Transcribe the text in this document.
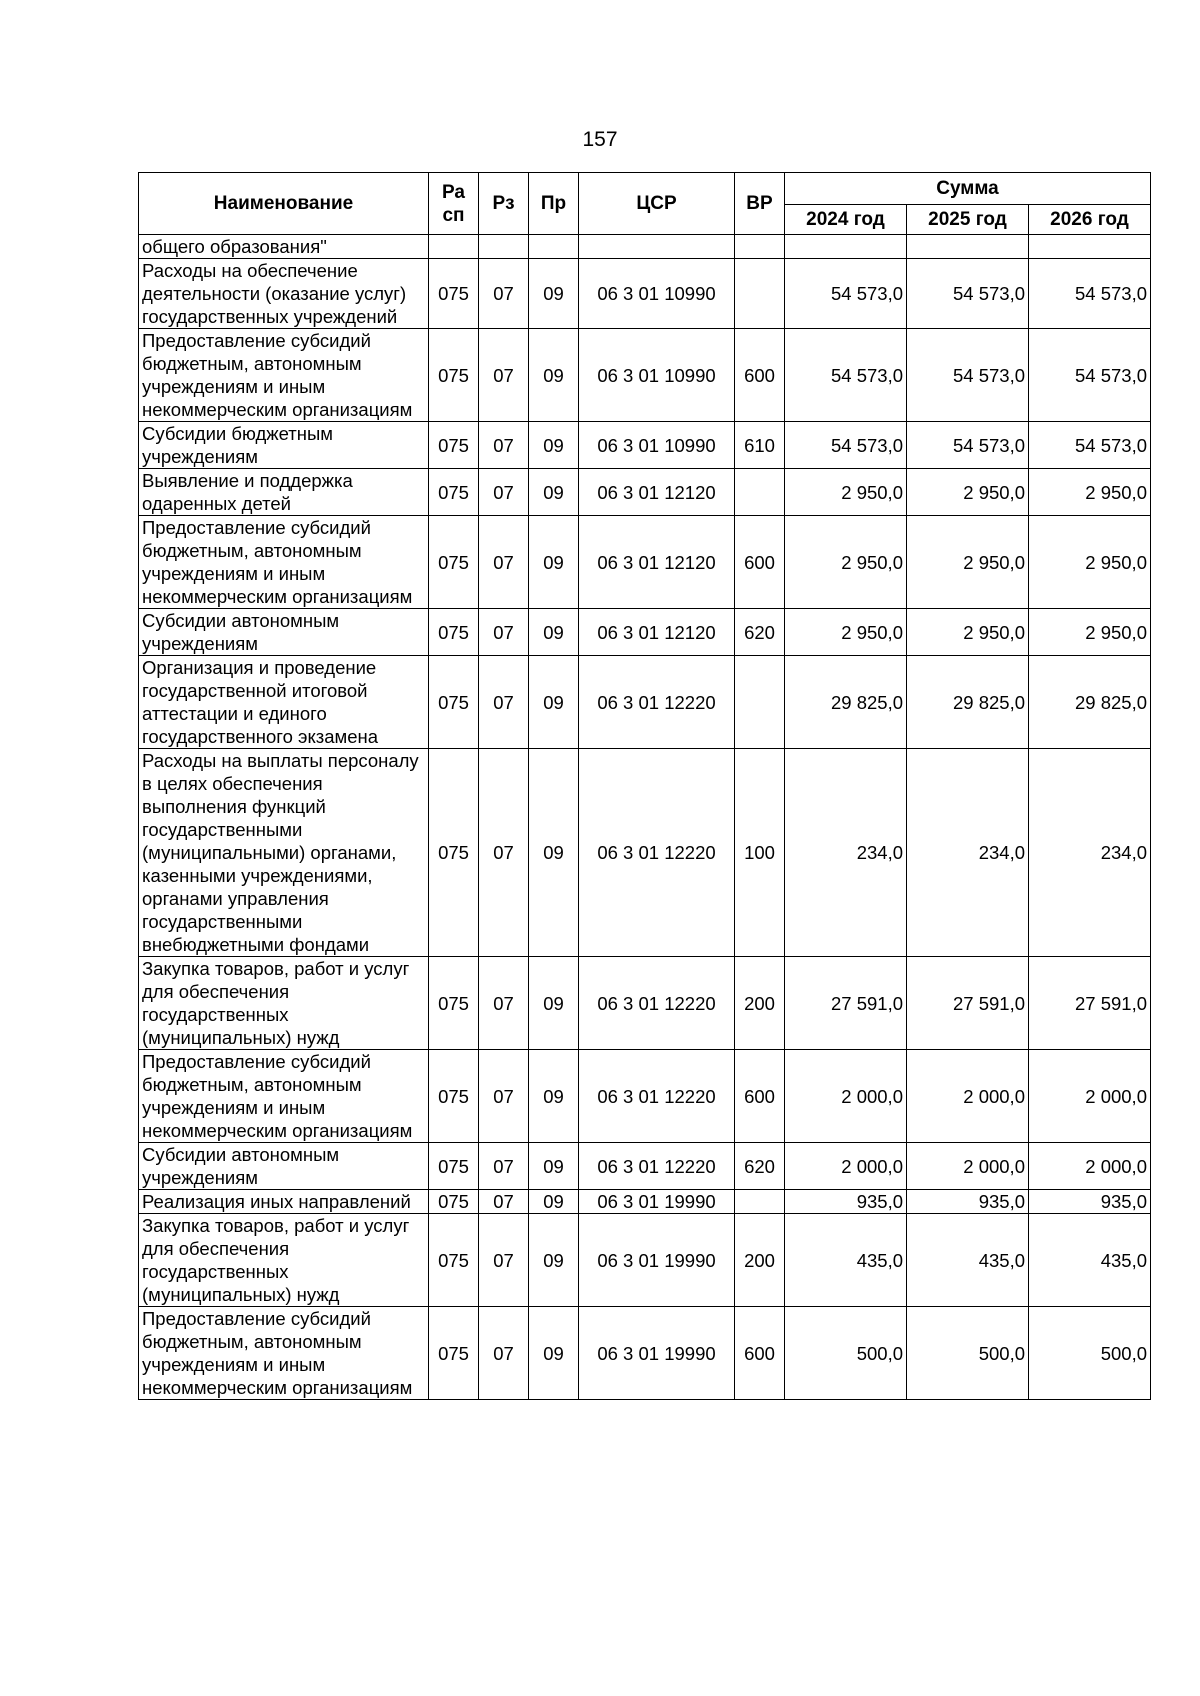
157
Наименование	Ра сп	Рз	Пр	ЦСР	ВР	Сумма		
						2024 год	2025 год	2026 год
общего образования"								
Расходы на обеспечение деятельности (оказание услуг) государственных учреждений	075	07	09	06 3 01 10990		54 573,0	54 573,0	54 573,0
Предоставление субсидий бюджетным, автономным учреждениям и иным некоммерческим организациям	075	07	09	06 3 01 10990	600	54 573,0	54 573,0	54 573,0
Субсидии бюджетным учреждениям	075	07	09	06 3 01 10990	610	54 573,0	54 573,0	54 573,0
Выявление и поддержка одаренных детей	075	07	09	06 3 01 12120		2 950,0	2 950,0	2 950,0
Предоставление субсидий бюджетным, автономным учреждениям и иным некоммерческим организациям	075	07	09	06 3 01 12120	600	2 950,0	2 950,0	2 950,0
Субсидии автономным учреждениям	075	07	09	06 3 01 12120	620	2 950,0	2 950,0	2 950,0
Организация и проведение государственной итоговой аттестации и единого государственного экзамена	075	07	09	06 3 01 12220		29 825,0	29 825,0	29 825,0
Расходы на выплаты персоналу в целях обеспечения выполнения функций государственными (муниципальными) органами, казенными учреждениями, органами управления государственными внебюджетными фондами	075	07	09	06 3 01 12220	100	234,0	234,0	234,0
Закупка товаров, работ и услуг для обеспечения государственных (муниципальных) нужд	075	07	09	06 3 01 12220	200	27 591,0	27 591,0	27 591,0
Предоставление субсидий бюджетным, автономным учреждениям и иным некоммерческим организациям	075	07	09	06 3 01 12220	600	2 000,0	2 000,0	2 000,0
Субсидии автономным учреждениям	075	07	09	06 3 01 12220	620	2 000,0	2 000,0	2 000,0
Реализация иных направлений	075	07	09	06 3 01 19990		935,0	935,0	935,0
Закупка товаров, работ и услуг для обеспечения государственных (муниципальных) нужд	075	07	09	06 3 01 19990	200	435,0	435,0	435,0
Предоставление субсидий бюджетным, автономным учреждениям и иным некоммерческим организациям	075	07	09	06 3 01 19990	600	500,0	500,0	500,0
